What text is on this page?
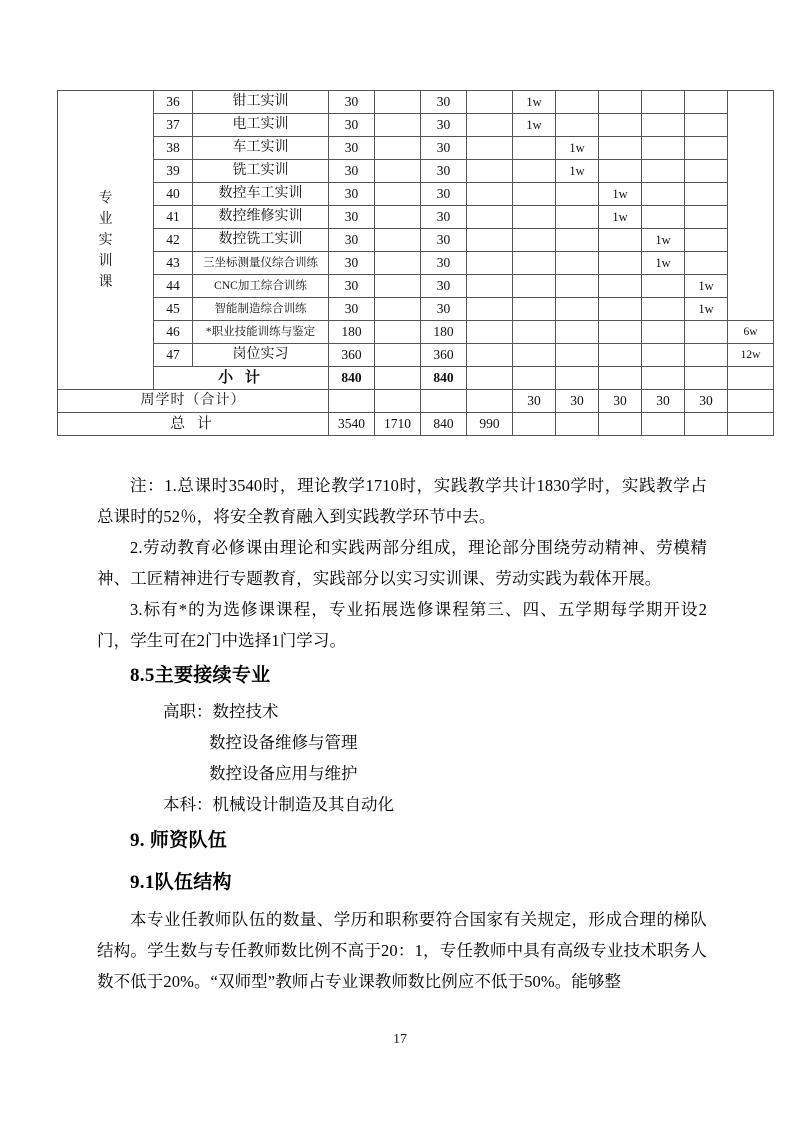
专
业
实
训
课	36	钳工实训	30		30		1w					
	37	电工实训	30		30		1w					
	38	车工实训	30		30			1w				
	39	铣工实训	30		30			1w				
	40	数控车工实训	30		30				1w			
	41	数控维修实训	30		30				1w			
	42	数控铣工实训	30		30					1w		
	43	三坐标测量仪综合训练	30		30					1w		
	44	CNC加工综合训练	30		30						1w	
	45	智能制造综合训练	30		30						1w	
	46	*职业技能训练与鉴定	180		180							6w
	47	岗位实习	360		360							12w
	小 计		840		840							
周学时（合计）							30	30	30	30	30	
总 计			3540	1710	840	990						

注：1.总课时3540时，理论教学1710时，实践教学共计1830学时，实践教学占总课时的52％，将安全教育融入到实践教学环节中去。

2.劳动教育必修课由理论和实践两部分组成，理论部分围绕劳动精神、劳模精神、工匠精神进行专题教育，实践部分以实习实训课、劳动实践为载体开展。

3.标有*的为选修课课程，专业拓展选修课程第三、四、五学期每学期开设2门，学生可在2门中选择1门学习。

8.5主要接续专业

高职：数控技术

数控设备维修与管理

数控设备应用与维护

本科：机械设计制造及其自动化

9. 师资队伍
9.1队伍结构

本专业任教师队伍的数量、学历和职称要符合国家有关规定，形成合理的梯队结构。学生数与专任教师数比例不高于20：1，专任教师中具有高级专业技术职务人数不低于20%。“双师型”教师占专业课教师数比例应不低于50%。能够整

17
